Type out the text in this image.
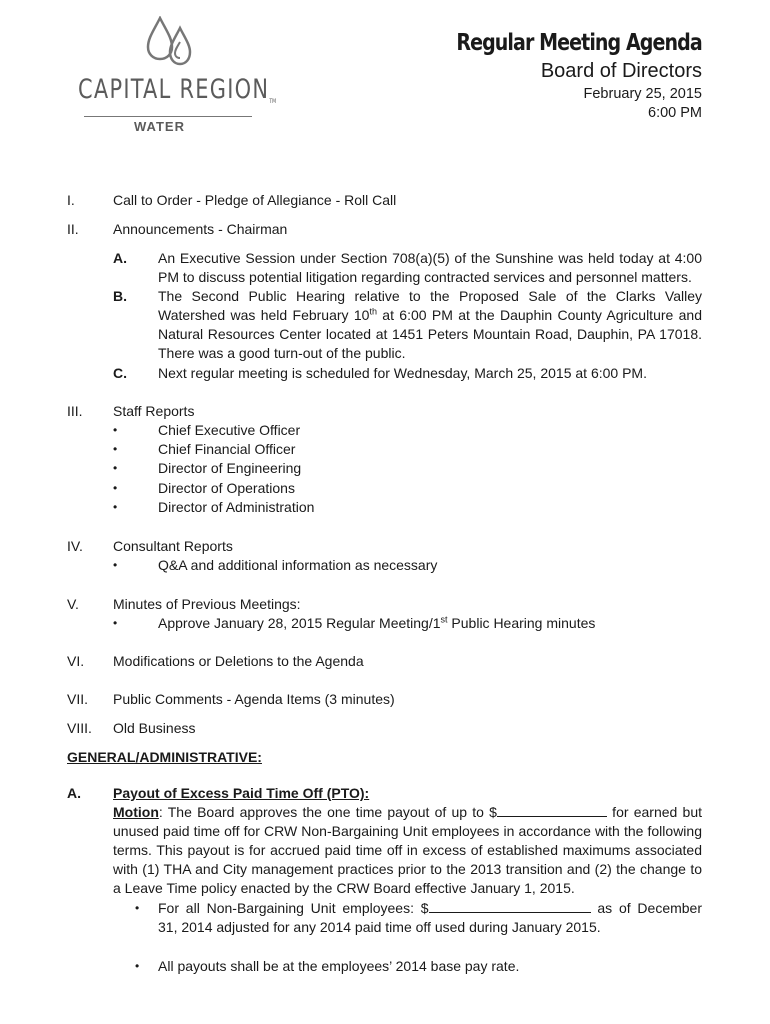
CAPITAL REGIONTM
WATER
Regular Meeting Agenda
Board of Directors
February 25, 2015
6:00 PM
I.	Call to Order - Pledge of Allegiance - Roll Call
II. Announcements - Chairman
A. An Executive Session under Section 708(a)(5) of the Sunshine was held today at 4:00 PM to discuss potential litigation regarding contracted services and personnel matters.
B. The Second Public Hearing relative to the Proposed Sale of the Clarks Valley Watershed was held February 10th at 6:00 PM at the Dauphin County Agriculture and Natural Resources Center located at 1451 Peters Mountain Road, Dauphin, PA 17018. There was a good turn-out of the public.
C. Next regular meeting is scheduled for Wednesday, March 25, 2015 at 6:00 PM.
III. Staff Reports
•	Chief Executive Officer
•	Chief Financial Officer
•	Director of Engineering
•	Director of Operations
•	Director of Administration
IV. Consultant Reports
•	Q&A and additional information as necessary
V. Minutes of Previous Meetings:
•	Approve January 28, 2015 Regular Meeting/1st Public Hearing minutes
VI. Modifications or Deletions to the Agenda
VII. Public Comments - Agenda Items (3 minutes)
VIII. Old Business
GENERAL/ADMINISTRATIVE:
A. Payout of Excess Paid Time Off (PTO):
Motion: The Board approves the one time payout of up to $	for earned but unused paid time off for CRW Non-Bargaining Unit employees in accordance with the following terms. This payout is for accrued paid time off in excess of established maximums associated with (1) THA and City management practices prior to the 2013 transition and (2) the change to a Leave Time policy enacted by the CRW Board effective January 1, 2015.
• For all Non-Bargaining Unit employees: $	as of December 31, 2014 adjusted for any 2014 paid time off used during January 2015.
• All payouts shall be at the employees’ 2014 base pay rate.
